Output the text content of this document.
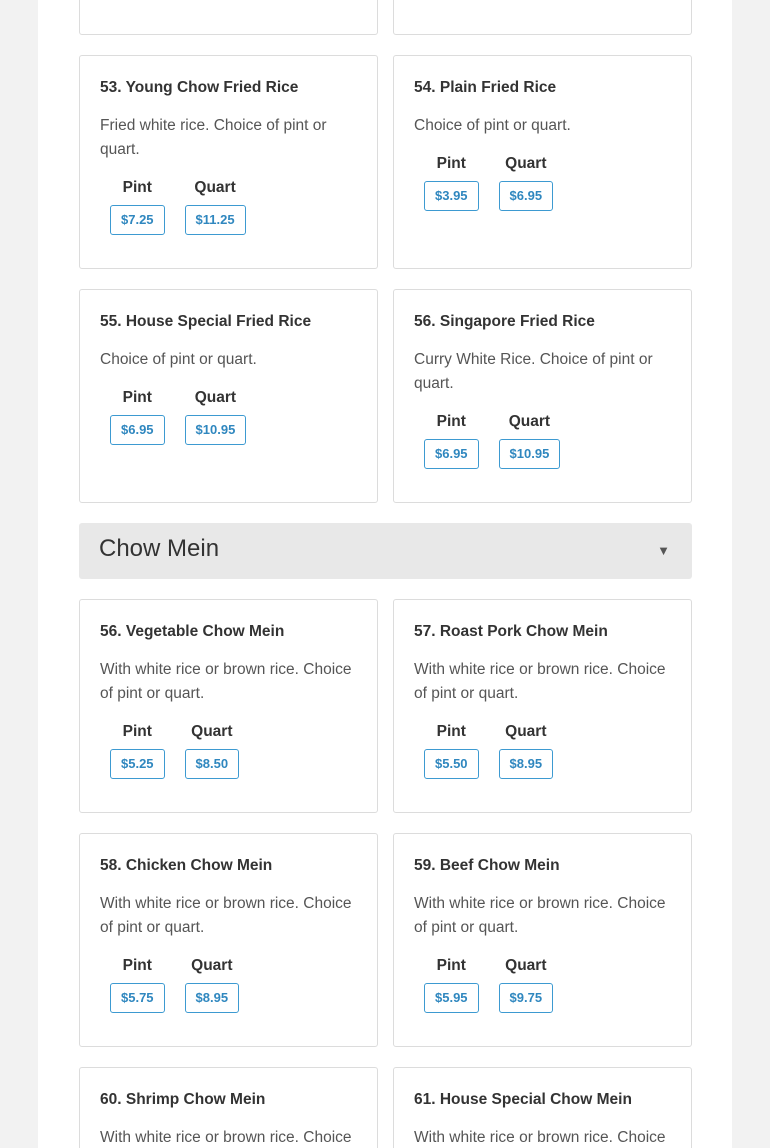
53. Young Chow Fried Rice
Fried white rice. Choice of pint or quart.
Pint
$7.25
Quart
$11.25
54. Plain Fried Rice
Choice of pint or quart.
Pint
$3.95
Quart
$6.95
55. House Special Fried Rice
Choice of pint or quart.
Pint
$6.95
Quart
$10.95
56. Singapore Fried Rice
Curry White Rice. Choice of pint or quart.
Pint
$6.95
Quart
$10.95
Chow Mein	▼
56. Vegetable Chow Mein
With white rice or brown rice. Choice of pint or quart.
Pint
$5.25
Quart
$8.50
57. Roast Pork Chow Mein
With white rice or brown rice. Choice of pint or quart.
Pint
$5.50
Quart
$8.95
58. Chicken Chow Mein
With white rice or brown rice. Choice of pint or quart.
Pint
$5.75
Quart
$8.95
59. Beef Chow Mein
With white rice or brown rice. Choice of pint or quart.
Pint
$5.95
Quart
$9.75
60. Shrimp Chow Mein
With white rice or brown rice. Choice
61. House Special Chow Mein
With white rice or brown rice. Choice
